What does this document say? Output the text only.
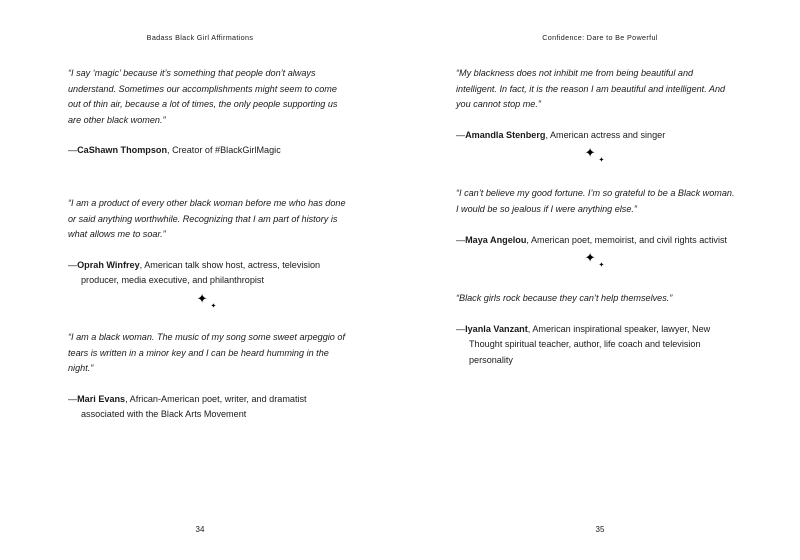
Badass Black Girl Affirmations

“I say ‘magic’ because it’s something that people don’t always understand. Sometimes our accomplishments might seem to come out of thin air, because a lot of times, the only people supporting us are other black women.”

—CaShawn Thompson, Creator of #BlackGirlMagic

“I am a product of every other black woman before me who has done or said anything worthwhile. Recognizing that I am part of history is what allows me to soar.”

—Oprah Winfrey, American talk show host, actress, television producer, media executive, and philanthropist

$✦_✦$

“I am a black woman. The music of my song some sweet arpeggio of tears is written in a minor key and I can be heard humming in the night.”

—Mari Evans, African-American poet, writer, and dramatist associated with the Black Arts Movement

34
Confidence: Dare to Be Powerful

“My blackness does not inhibit me from being beautiful and intelligent. In fact, it is the reason I am beautiful and intelligent. And you cannot stop me.”

—Amandla Stenberg, American actress and singer

$✦_✦$

“I can’t believe my good fortune. I’m so grateful to be a Black woman. I would be so jealous if I were anything else.”

—Maya Angelou, American poet, memoirist, and civil rights activist

$✦_✦$

“Black girls rock because they can’t help themselves.”

—Iyanla Vanzant, American inspirational speaker, lawyer, New Thought spiritual teacher, author, life coach and television personality

35
